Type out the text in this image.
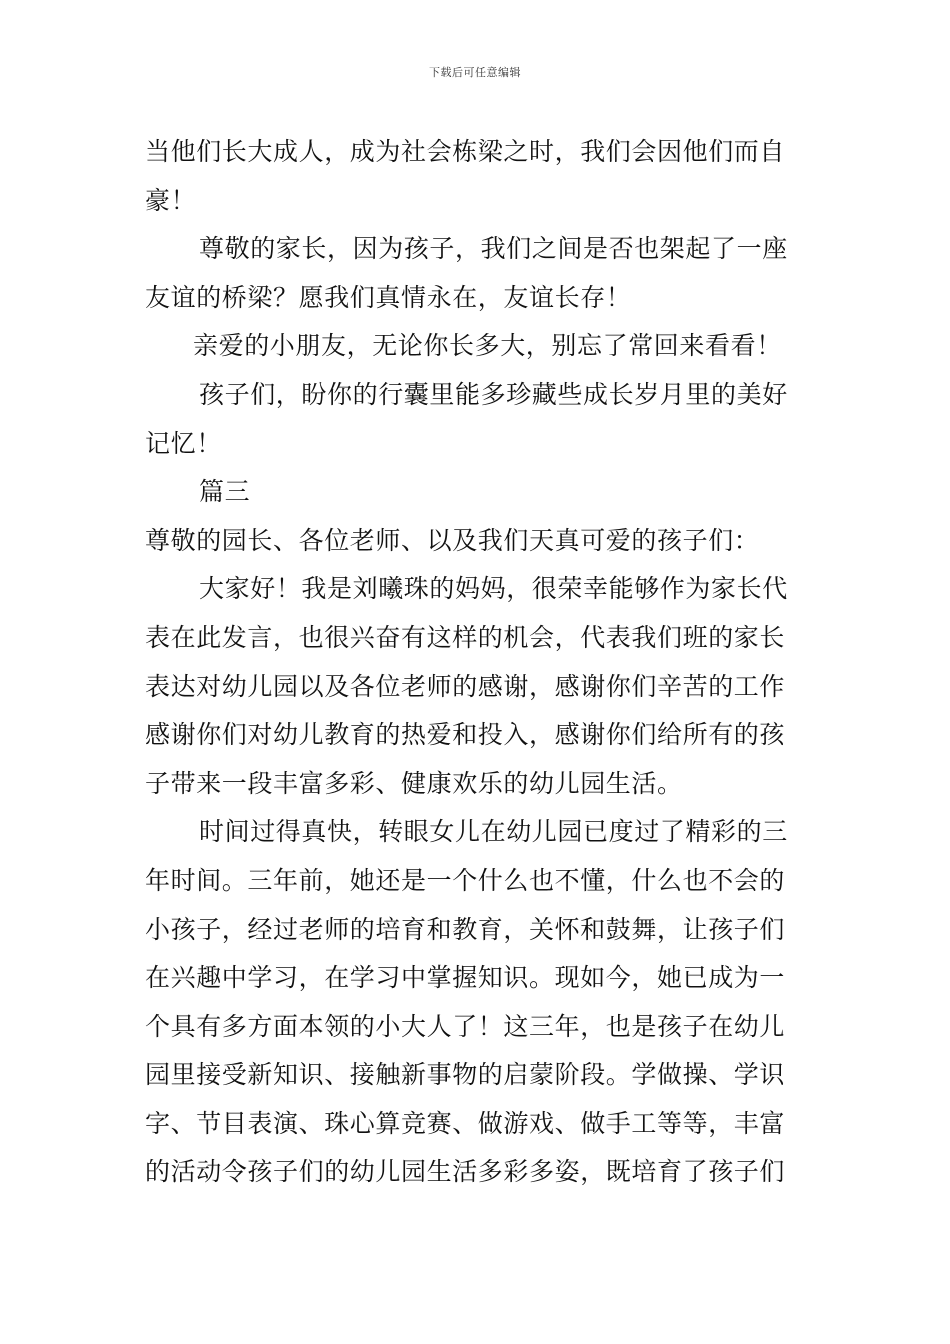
下载后可任意编辑
当他们长大成人，成为社会栋梁之时，我们会因他们而自
豪！
尊敬的家长，因为孩子，我们之间是否也架起了一座
友谊的桥梁？愿我们真情永在，友谊长存！
亲爱的小朋友，无论你长多大，别忘了常回来看看！
孩子们，盼你的行囊里能多珍藏些成长岁月里的美好
记忆！
篇三
尊敬的园长、各位老师、以及我们天真可爱的孩子们：
大家好！我是刘曦珠的妈妈，很荣幸能够作为家长代
表在此发言，也很兴奋有这样的机会，代表我们班的家长
表达对幼儿园以及各位老师的感谢，感谢你们辛苦的工作
感谢你们对幼儿教育的热爱和投入，感谢你们给所有的孩
子带来一段丰富多彩、健康欢乐的幼儿园生活。
时间过得真快，转眼女儿在幼儿园已度过了精彩的三
年时间。三年前，她还是一个什么也不懂，什么也不会的
小孩子，经过老师的培育和教育，关怀和鼓舞，让孩子们
在兴趣中学习，在学习中掌握知识。现如今，她已成为一
个具有多方面本领的小大人了！这三年，也是孩子在幼儿
园里接受新知识、接触新事物的启蒙阶段。学做操、学识
字、节目表演、珠心算竞赛、做游戏、做手工等等，丰富
的活动令孩子们的幼儿园生活多彩多姿，既培育了孩子们
